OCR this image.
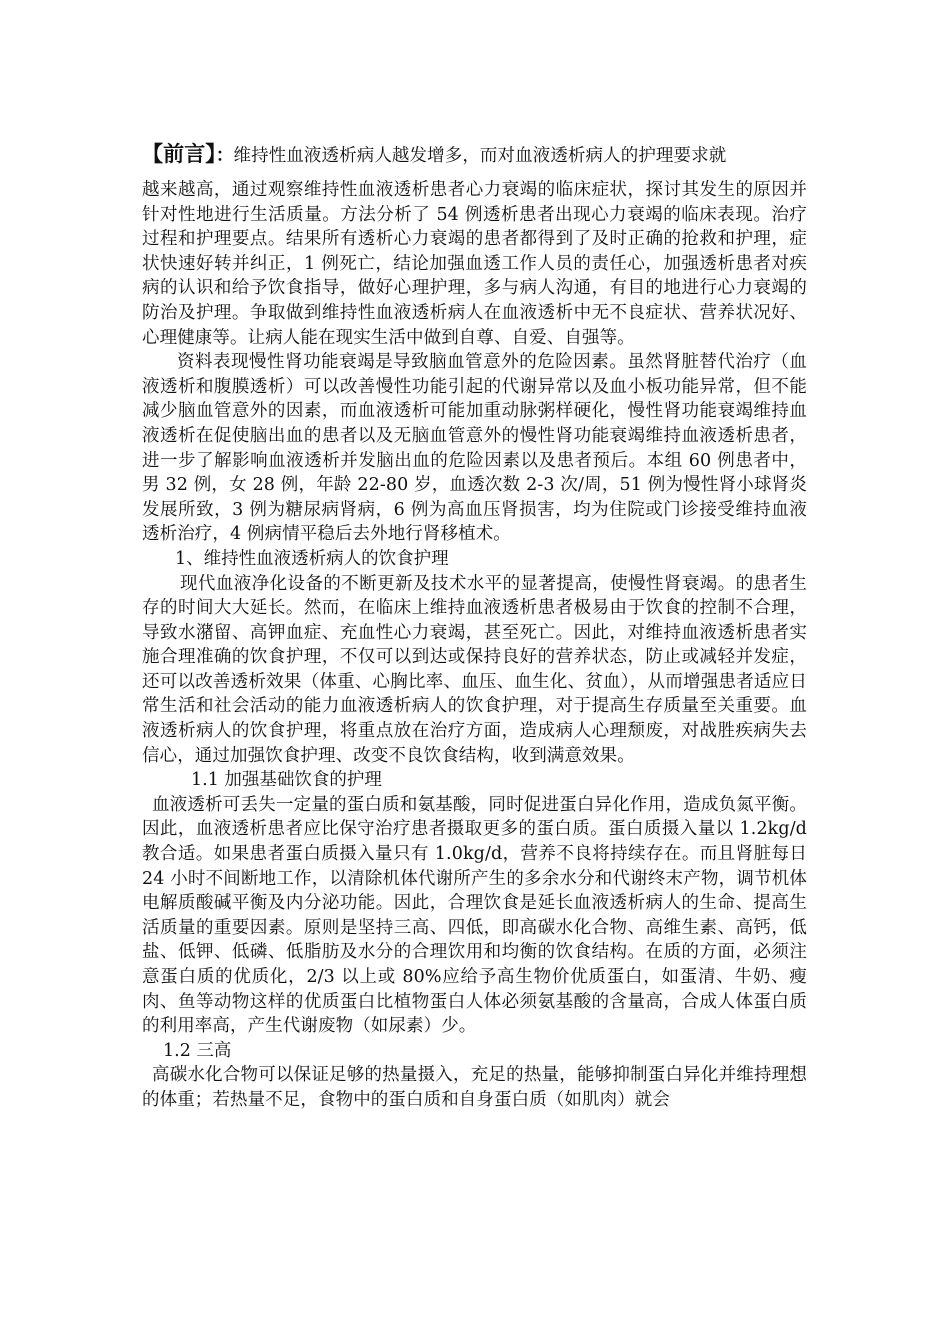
【前言】：维持性血液透析病人越发增多，而对血液透析病人的护理要求就
越来越高，通过观察维持性血液透析患者心力衰竭的临床症状，探讨其发生的原因并针对性地进行生活质量。方法分析了 54 例透析患者出现心力衰竭的临床表现。治疗过程和护理要点。结果所有透析心力衰竭的患者都得到了及时正确的抢救和护理，症状快速好转并纠正，1 例死亡，结论加强血透工作人员的责任心，加强透析患者对疾病的认识和给予饮食指导，做好心理护理，多与病人沟通，有目的地进行心力衰竭的防治及护理。争取做到维持性血液透析病人在血液透析中无不良症状、营养状况好、心理健康等。让病人能在现实生活中做到自尊、自爱、自强等。

资料表现慢性肾功能衰竭是导致脑血管意外的危险因素。虽然肾脏替代治疗（血液透析和腹膜透析）可以改善慢性功能引起的代谢异常以及血小板功能异常，但不能减少脑血管意外的因素，而血液透析可能加重动脉粥样硬化，慢性肾功能衰竭维持血液透析在促使脑出血的患者以及无脑血管意外的慢性肾功能衰竭维持血液透析患者，进一步了解影响血液透析并发脑出血的危险因素以及患者预后。本组 60 例患者中，男 32 例，女 28 例，年龄 22-80 岁，血透次数 2-3 次/周，51 例为慢性肾小球肾炎发展所致，3 例为糖尿病肾病，6 例为高血压肾损害，均为住院或门诊接受维持血液透析治疗，4 例病情平稳后去外地行肾移植术。

1、维持性血液透析病人的饮食护理

现代血液净化设备的不断更新及技术水平的显著提高，使慢性肾衰竭。的患者生存的时间大大延长。然而，在临床上维持血液透析患者极易由于饮食的控制不合理，导致水潴留、高钾血症、充血性心力衰竭，甚至死亡。因此，对维持血液透析患者实施合理准确的饮食护理，不仅可以到达或保持良好的营养状态，防止或减轻并发症，还可以改善透析效果（体重、心胸比率、血压、血生化、贫血），从而增强患者适应日常生活和社会活动的能力血液透析病人的饮食护理，对于提高生存质量至关重要。血液透析病人的饮食护理，将重点放在治疗方面，造成病人心理颓废，对战胜疾病失去信心，通过加强饮食护理、改变不良饮食结构，收到满意效果。

1.1 加强基础饮食的护理

血液透析可丢失一定量的蛋白质和氨基酸，同时促进蛋白异化作用，造成负氮平衡。因此，血液透析患者应比保守治疗患者摄取更多的蛋白质。蛋白质摄入量以 1.2kg/d 教合适。如果患者蛋白质摄入量只有 1.0kg/d，营养不良将持续存在。而且肾脏每日 24 小时不间断地工作，以清除机体代谢所产生的多余水分和代谢终末产物，调节机体电解质酸碱平衡及内分泌功能。因此，合理饮食是延长血液透析病人的生命、提高生活质量的重要因素。原则是坚持三高、四低，即高碳水化合物、高维生素、高钙，低盐、低钾、低磷、低脂肪及水分的合理饮用和均衡的饮食结构。在质的方面，必须注意蛋白质的优质化，2/3 以上或 80%应给予高生物价优质蛋白，如蛋清、牛奶、瘦肉、鱼等动物这样的优质蛋白比植物蛋白人体必须氨基酸的含量高，合成人体蛋白质的利用率高，产生代谢废物（如尿素）少。

1.2 三高

高碳水化合物可以保证足够的热量摄入，充足的热量，能够抑制蛋白异化并维持理想的体重；若热量不足，食物中的蛋白质和自身蛋白质（如肌肉）就会
